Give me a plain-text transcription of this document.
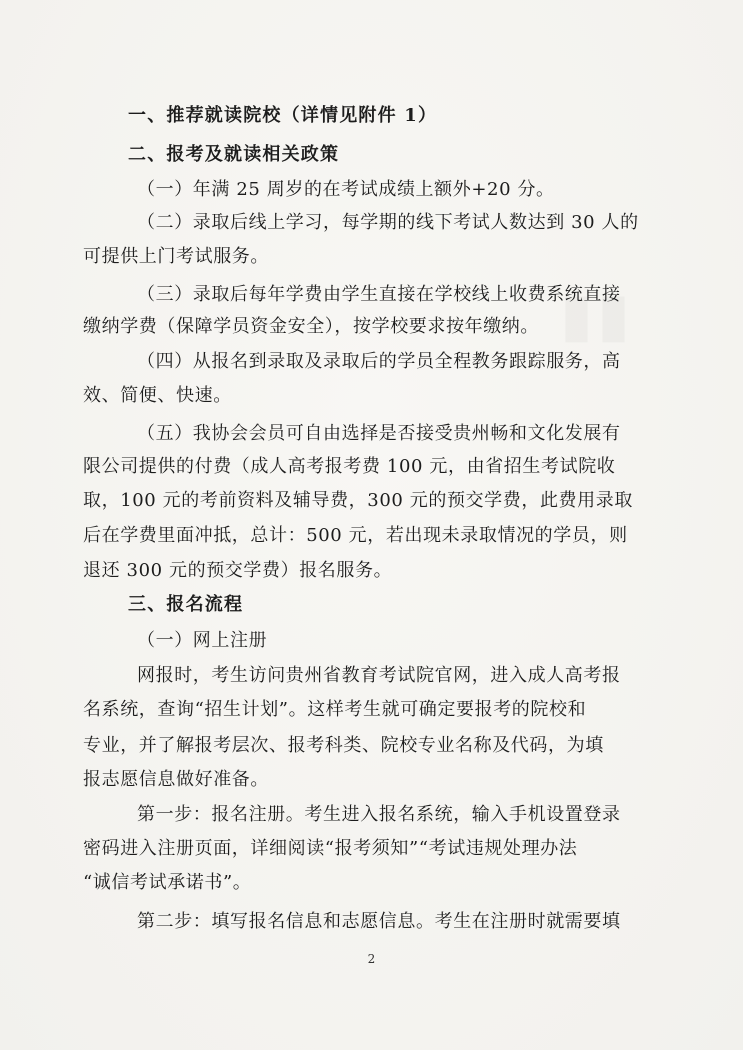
一、推荐就读院校（详情见附件 1）
二、报考及就读相关政策
（一）年满 25 周岁的在考试成绩上额外+20 分。
（二）录取后线上学习，每学期的线下考试人数达到 30 人的
可提供上门考试服务。
（三）录取后每年学费由学生直接在学校线上收费系统直接
缴纳学费（保障学员资金安全），按学校要求按年缴纳。
（四）从报名到录取及录取后的学员全程教务跟踪服务，高
效、简便、快速。
（五）我协会会员可自由选择是否接受贵州畅和文化发展有
限公司提供的付费（成人高考报考费 100 元，由省招生考试院收
取，100 元的考前资料及辅导费，300 元的预交学费，此费用录取
后在学费里面冲抵，总计：500 元，若出现未录取情况的学员，则
退还 300 元的预交学费）报名服务。
三、报名流程
（一）网上注册
网报时，考生访问贵州省教育考试院官网，进入成人高考报
名系统，查询“招生计划”。这样考生就可确定要报考的院校和
专业，并了解报考层次、报考科类、院校专业名称及代码，为填
报志愿信息做好准备。
第一步：报名注册。考生进入报名系统，输入手机设置登录
密码进入注册页面，详细阅读“报考须知”“考试违规处理办法
“诚信考试承诺书”。
第二步：填写报名信息和志愿信息。考生在注册时就需要填
2
